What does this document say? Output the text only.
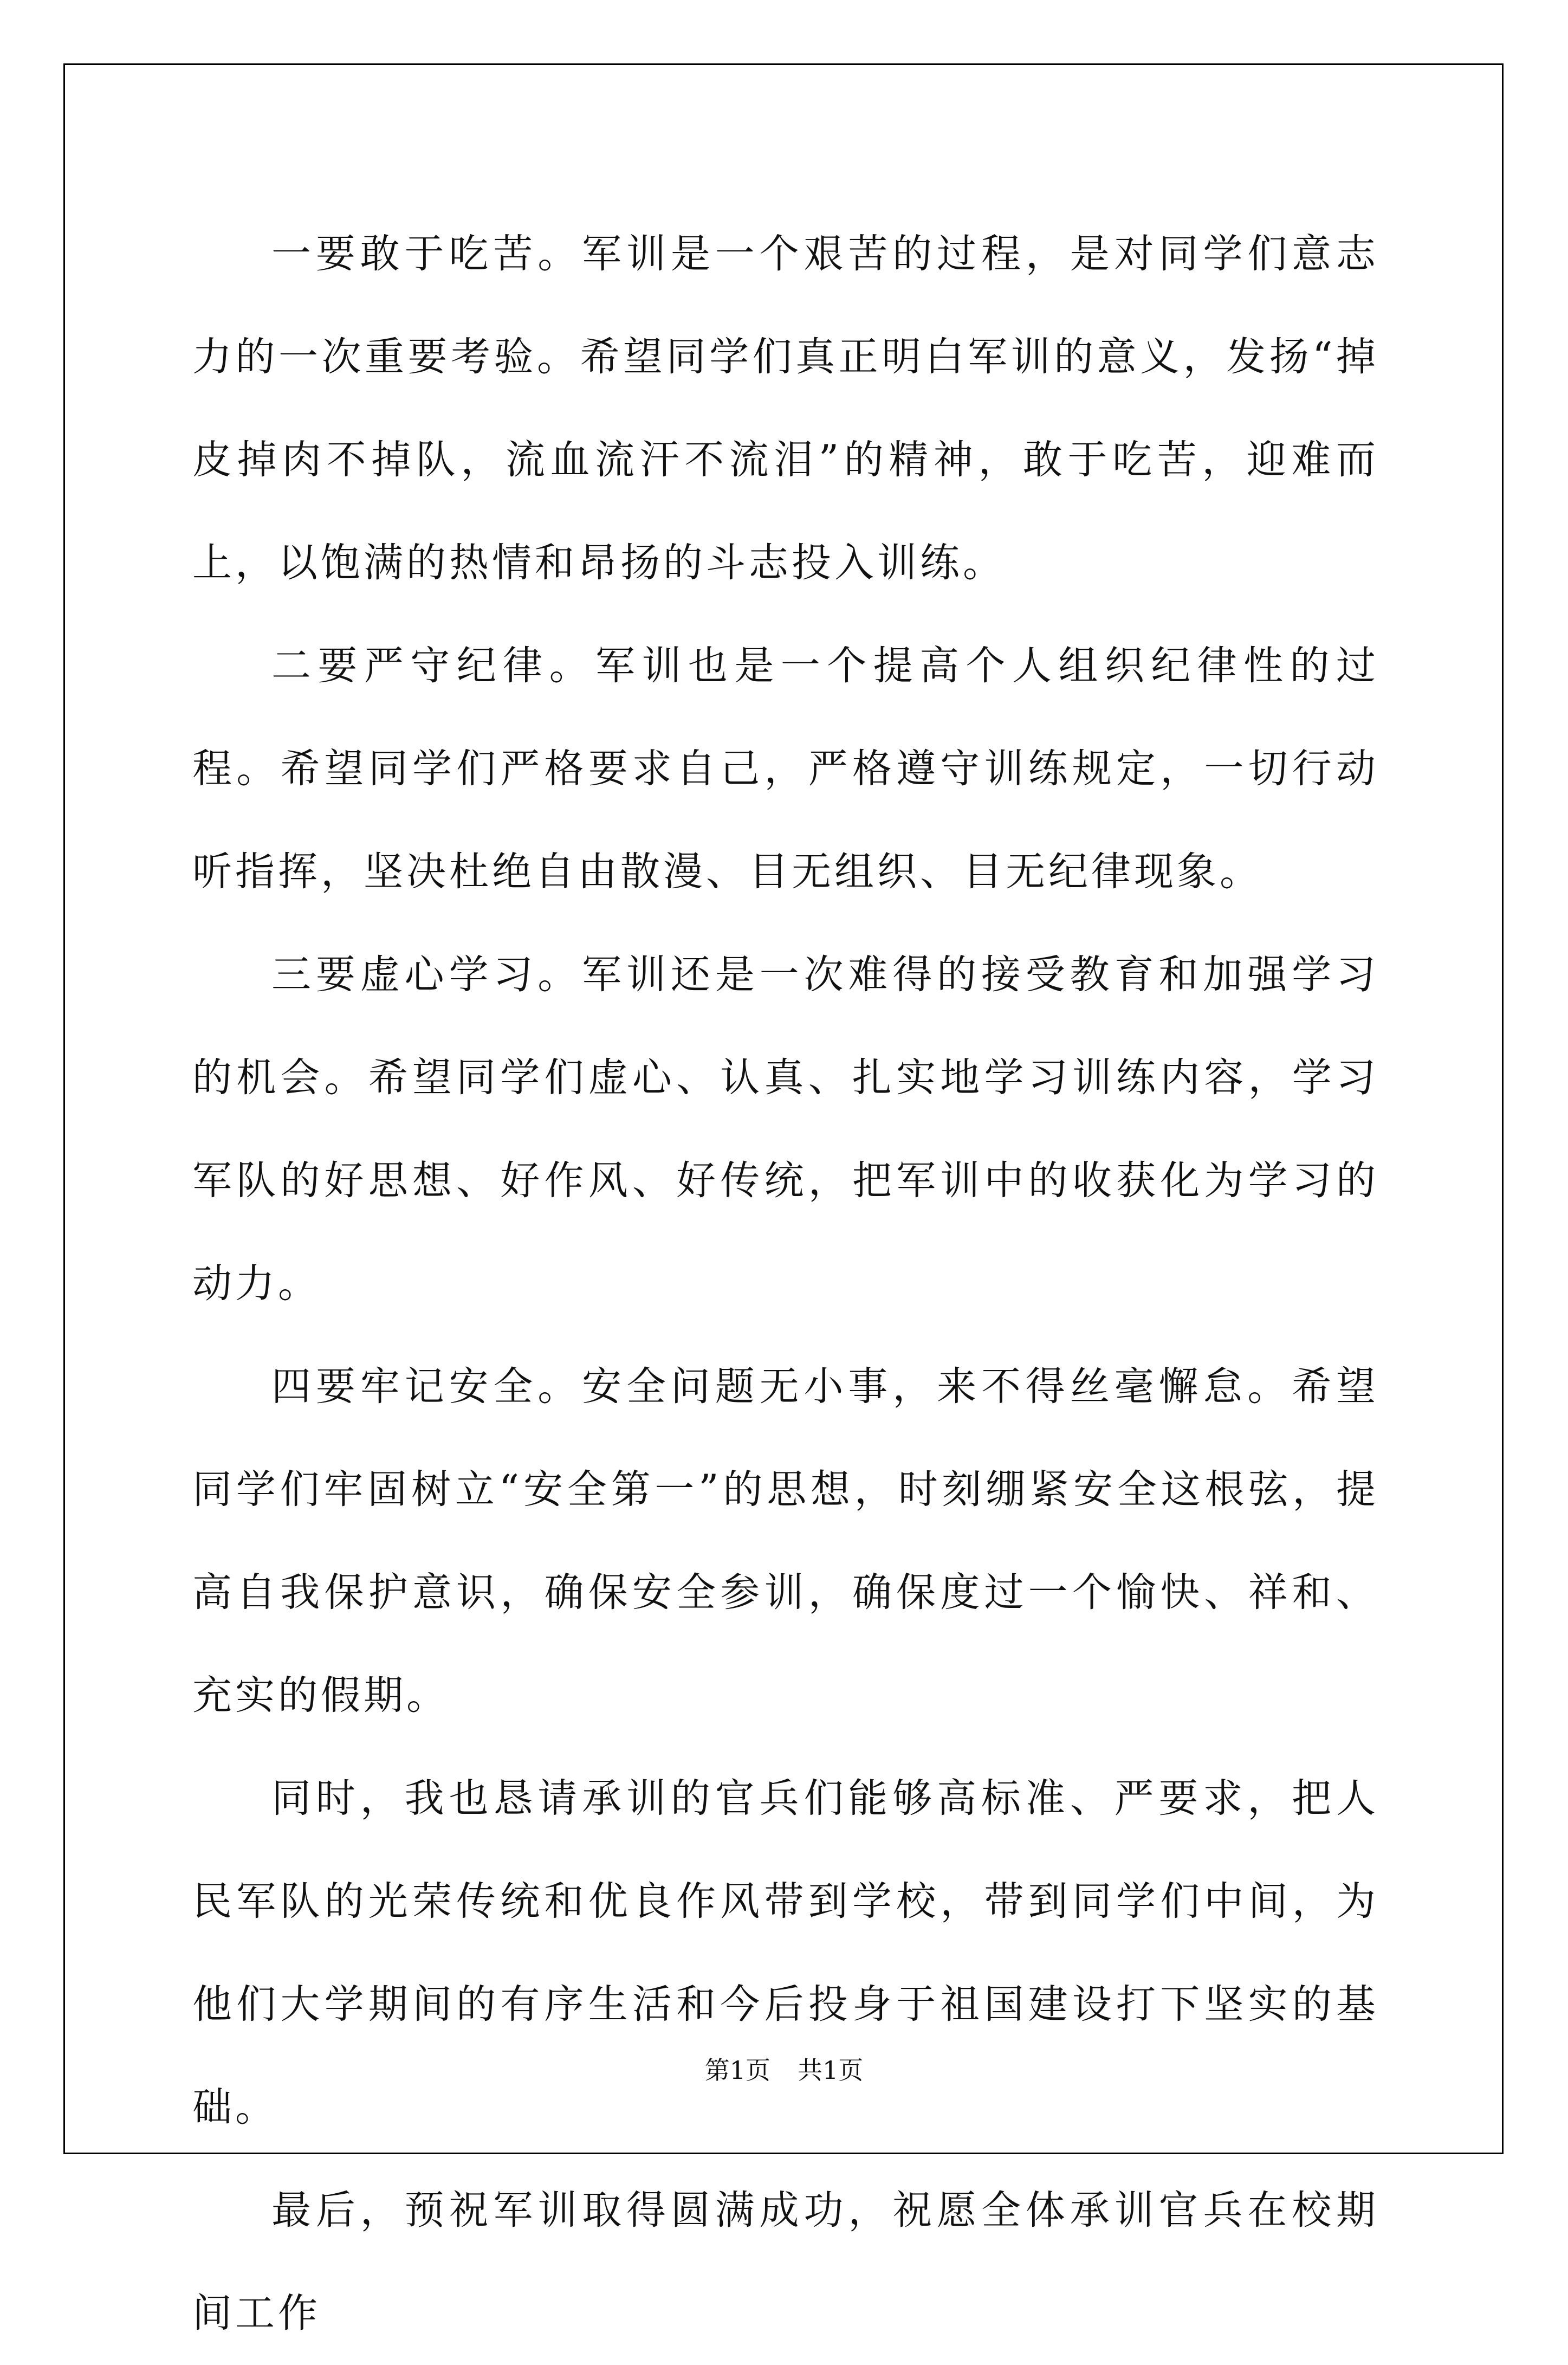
一要敢于吃苦。军训是一个艰苦的过程，是对同学们意志力的一次重要考验。希望同学们真正明白军训的意义，发扬“掉皮掉肉不掉队，流血流汗不流泪”的精神，敢于吃苦，迎难而上，以饱满的热情和昂扬的斗志投入训练。

二要严守纪律。军训也是一个提高个人组织纪律性的过程。希望同学们严格要求自己，严格遵守训练规定，一切行动听指挥，坚决杜绝自由散漫、目无组织、目无纪律现象。

三要虚心学习。军训还是一次难得的接受教育和加强学习的机会。希望同学们虚心、认真、扎实地学习训练内容，学习军队的好思想、好作风、好传统，把军训中的收获化为学习的动力。

四要牢记安全。安全问题无小事，来不得丝毫懈怠。希望同学们牢固树立“安全第一”的思想，时刻绷紧安全这根弦，提高自我保护意识，确保安全参训，确保度过一个愉快、祥和、充实的假期。

同时，我也恳请承训的官兵们能够高标准、严要求，把人民军队的光荣传统和优良作风带到学校，带到同学们中间，为他们大学期间的有序生活和今后投身于祖国建设打下坚实的基础。

最后，预祝军训取得圆满成功，祝愿全体承训官兵在校期间工作

第1页 共1页
